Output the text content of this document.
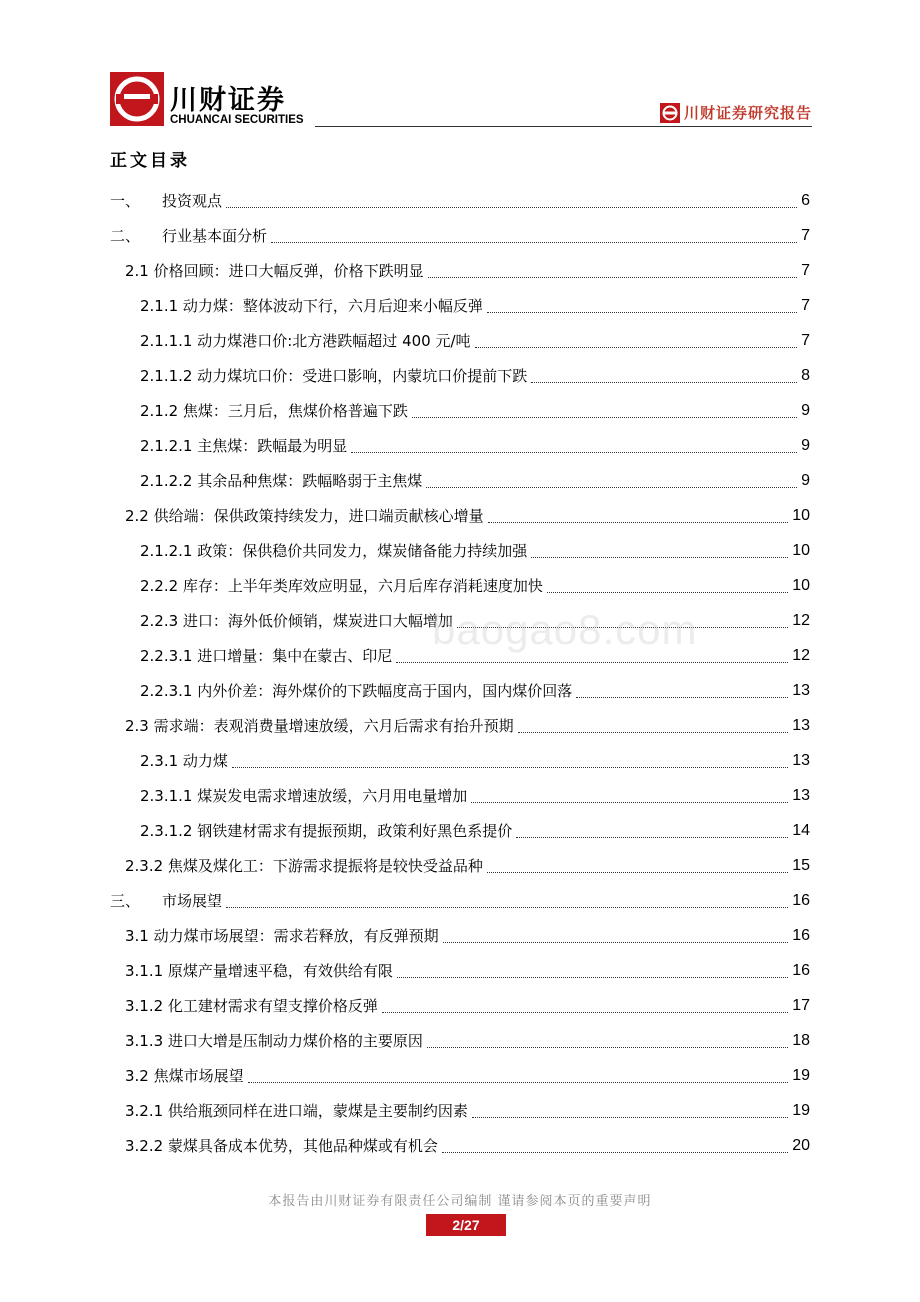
川财证券
CHUANCAI SECURITIES	川财证券研究报告
正文目录
一、 投资观点	6
二、 行业基本面分析	7
2.1 价格回顾：进口大幅反弹，价格下跌明显	7
2.1.1 动力煤：整体波动下行，六月后迎来小幅反弹	7
2.1.1.1 动力煤港口价:北方港跌幅超过 400 元/吨	7
2.1.1.2 动力煤坑口价：受进口影响，内蒙坑口价提前下跌	8
2.1.2 焦煤：三月后，焦煤价格普遍下跌	9
2.1.2.1 主焦煤：跌幅最为明显	9
2.1.2.2 其余品种焦煤：跌幅略弱于主焦煤	9
2.2 供给端：保供政策持续发力，进口端贡献核心增量	10
2.1.2.1 政策：保供稳价共同发力，煤炭储备能力持续加强	10
2.2.2 库存：上半年类库效应明显，六月后库存消耗速度加快	10
2.2.3 进口：海外低价倾销，煤炭进口大幅增加	12
2.2.3.1 进口增量：集中在蒙古、印尼	12
2.2.3.1 内外价差：海外煤价的下跌幅度高于国内，国内煤价回落	13
2.3 需求端：表观消费量增速放缓，六月后需求有抬升预期	13
2.3.1 动力煤	13
2.3.1.1 煤炭发电需求增速放缓，六月用电量增加	13
2.3.1.2 钢铁建材需求有提振预期，政策利好黑色系提价	14
2.3.2 焦煤及煤化工：下游需求提振将是较快受益品种	15
三、 市场展望	16
3.1 动力煤市场展望：需求若释放，有反弹预期	16
3.1.1 原煤产量增速平稳，有效供给有限	16
3.1.2 化工建材需求有望支撑价格反弹	17
3.1.3 进口大增是压制动力煤价格的主要原因	18
3.2 焦煤市场展望	19
3.2.1 供给瓶颈同样在进口端，蒙煤是主要制约因素	19
3.2.2 蒙煤具备成本优势，其他品种煤或有机会	20
baogao8.com
本报告由川财证券有限责任公司编制 谨请参阅本页的重要声明
2/27
